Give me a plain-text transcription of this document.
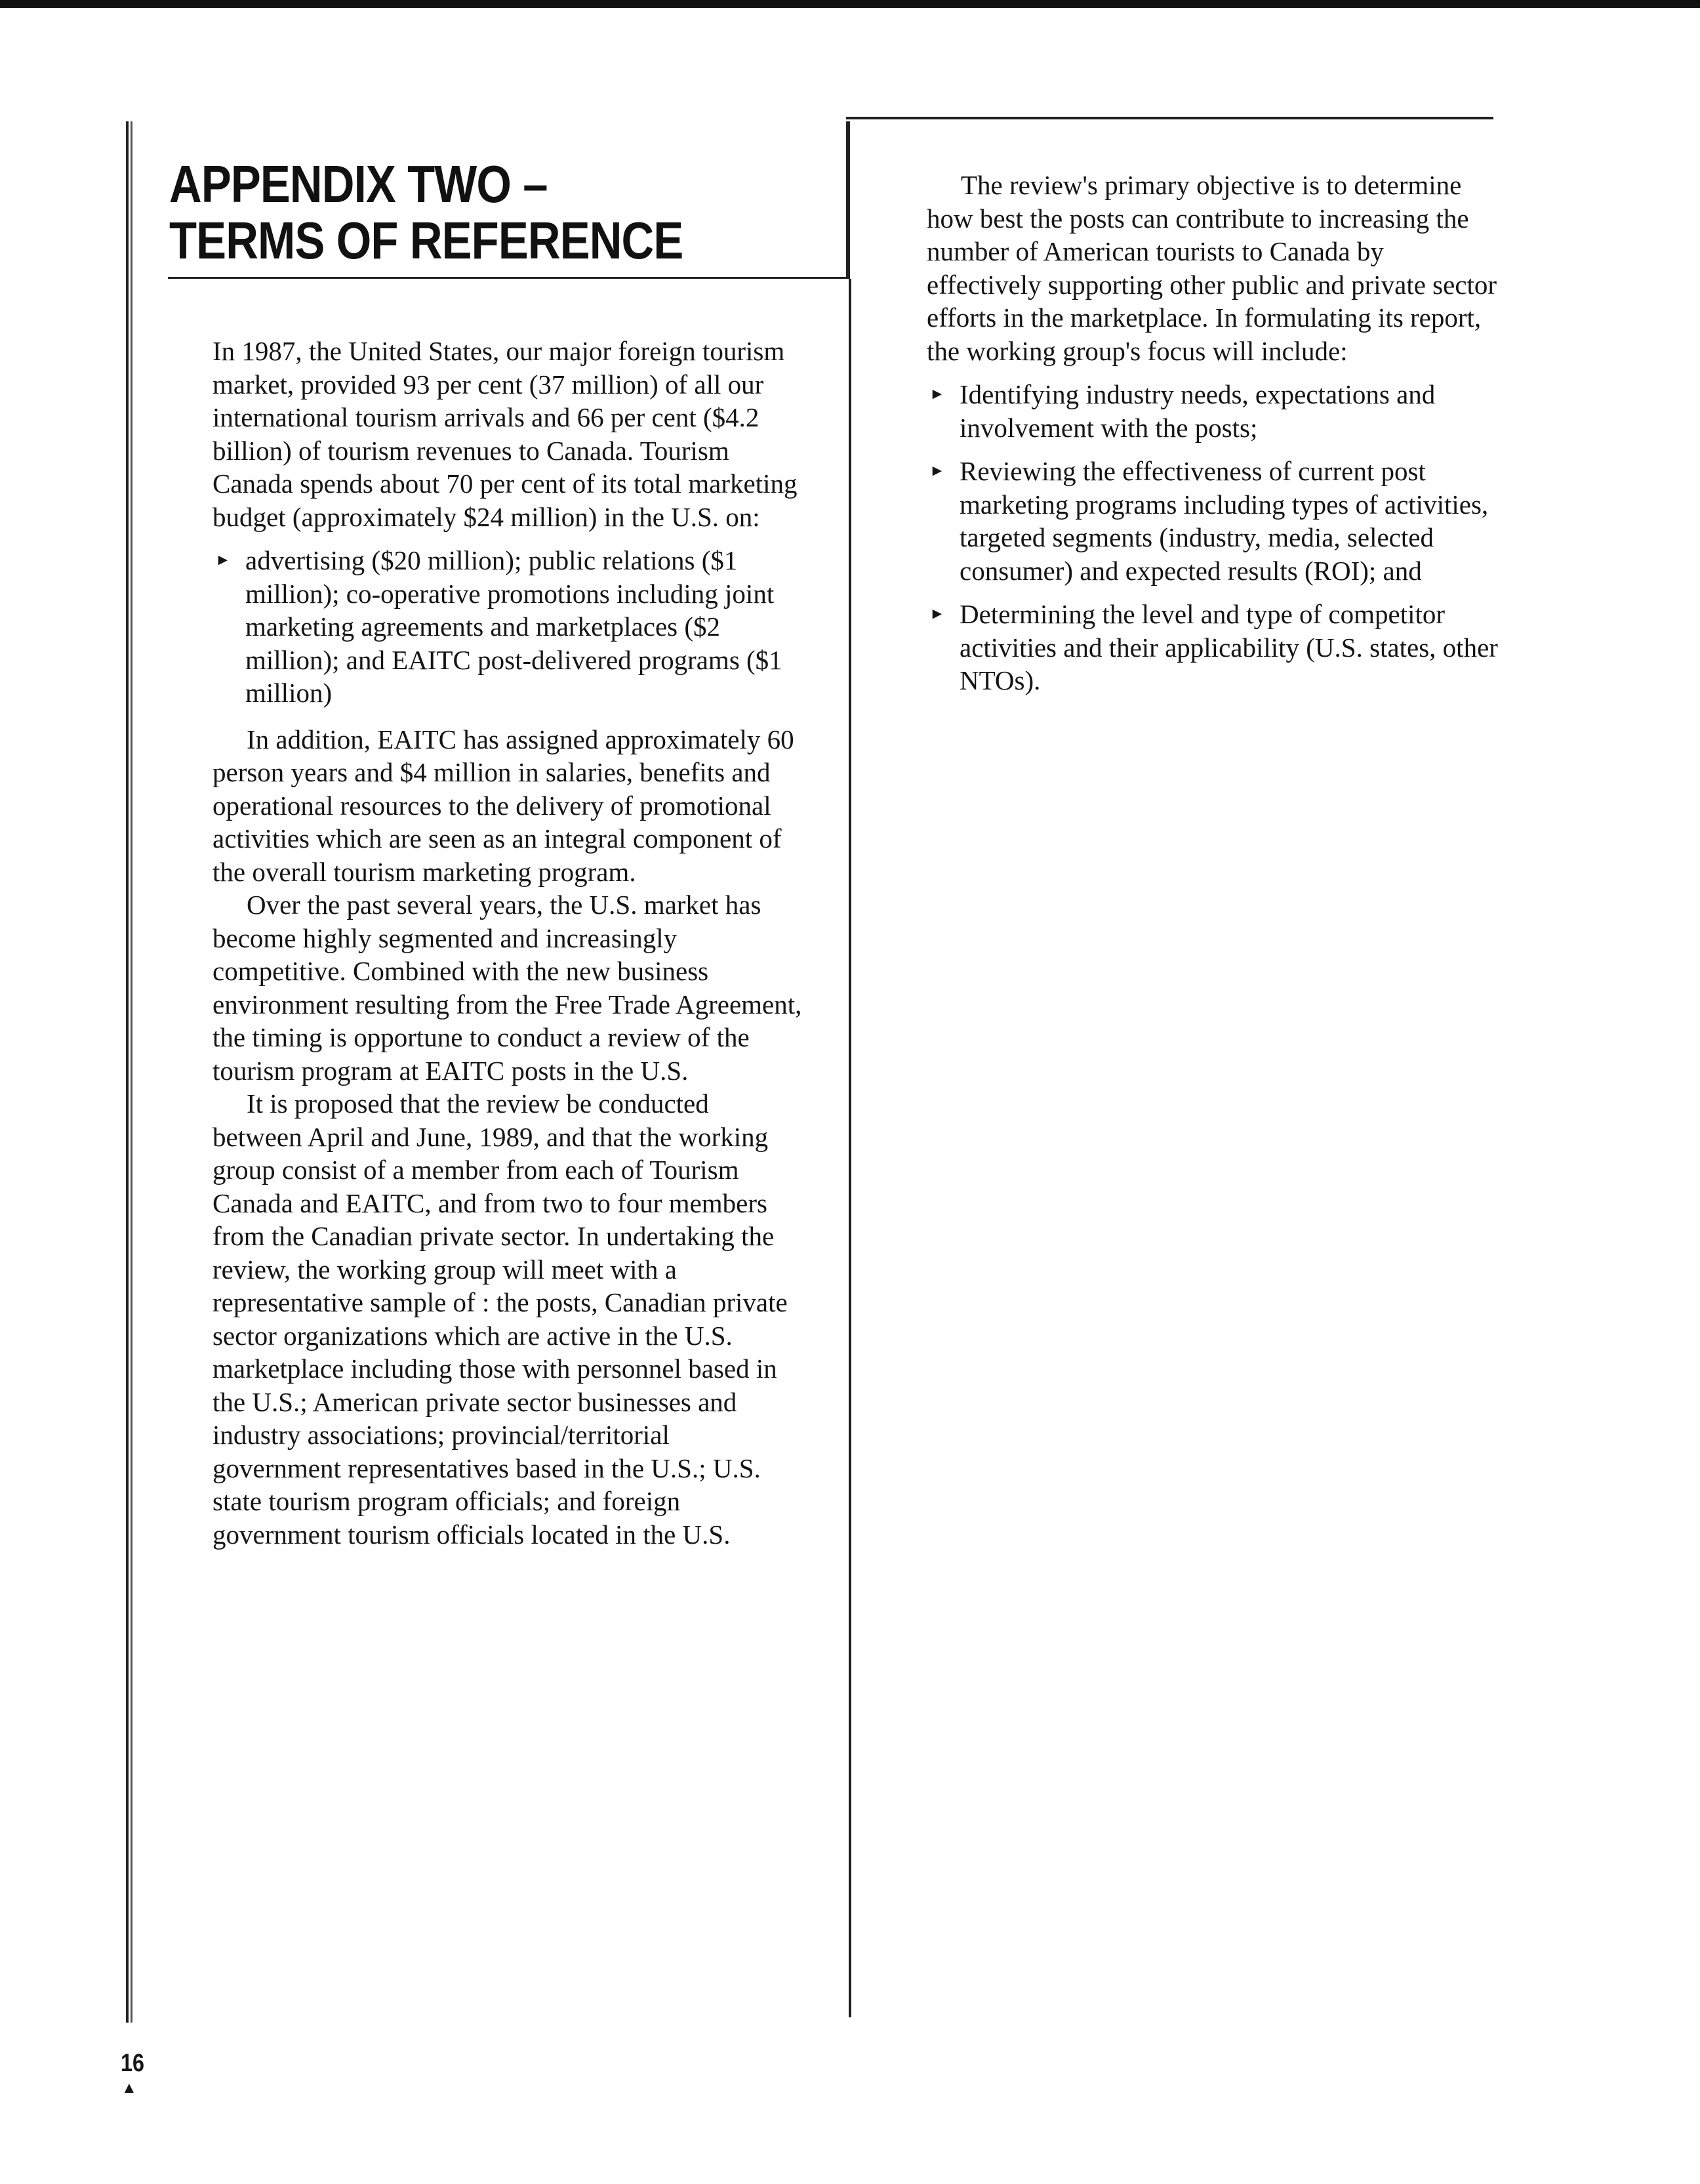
APPENDIX TWO –
TERMS OF REFERENCE

In 1987, the United States, our major foreign tourism market, provided 93 per cent (37 million) of all our international tourism arrivals and 66 per cent ($4.2 billion) of tourism revenues to Canada. Tourism Canada spends about 70 per cent of its total marketing budget (approximately $24 million) in the U.S. on:

► advertising ($20 million); public relations ($1 million); co-operative promotions including joint marketing agreements and marketplaces ($2 million); and EAITC post-delivered programs ($1 million)

In addition, EAITC has assigned approximately 60 person years and $4 million in salaries, benefits and operational resources to the delivery of promotional activities which are seen as an integral component of the overall tourism marketing program.

Over the past several years, the U.S. market has become highly segmented and increasingly competitive. Combined with the new business environment resulting from the Free Trade Agreement, the timing is opportune to conduct a review of the tourism program at EAITC posts in the U.S.

It is proposed that the review be conducted between April and June, 1989, and that the working group consist of a member from each of Tourism Canada and EAITC, and from two to four members from the Canadian private sector. In undertaking the review, the working group will meet with a representative sample of : the posts, Canadian private sector organizations which are active in the U.S. marketplace including those with personnel based in the U.S.; American private sector businesses and industry associations; provincial/territorial government representatives based in the U.S.; U.S. state tourism program officials; and foreign government tourism officials located in the U.S.

The review's primary objective is to determine how best the posts can contribute to increasing the number of American tourists to Canada by effectively supporting other public and private sector efforts in the marketplace. In formulating its report, the working group's focus will include:

► Identifying industry needs, expectations and involvement with the posts;
► Reviewing the effectiveness of current post marketing programs including types of activities, targeted segments (industry, media, selected consumer) and expected results (ROI); and
► Determining the level and type of competitor activities and their applicability (U.S. states, other NTOs).
16
▲
